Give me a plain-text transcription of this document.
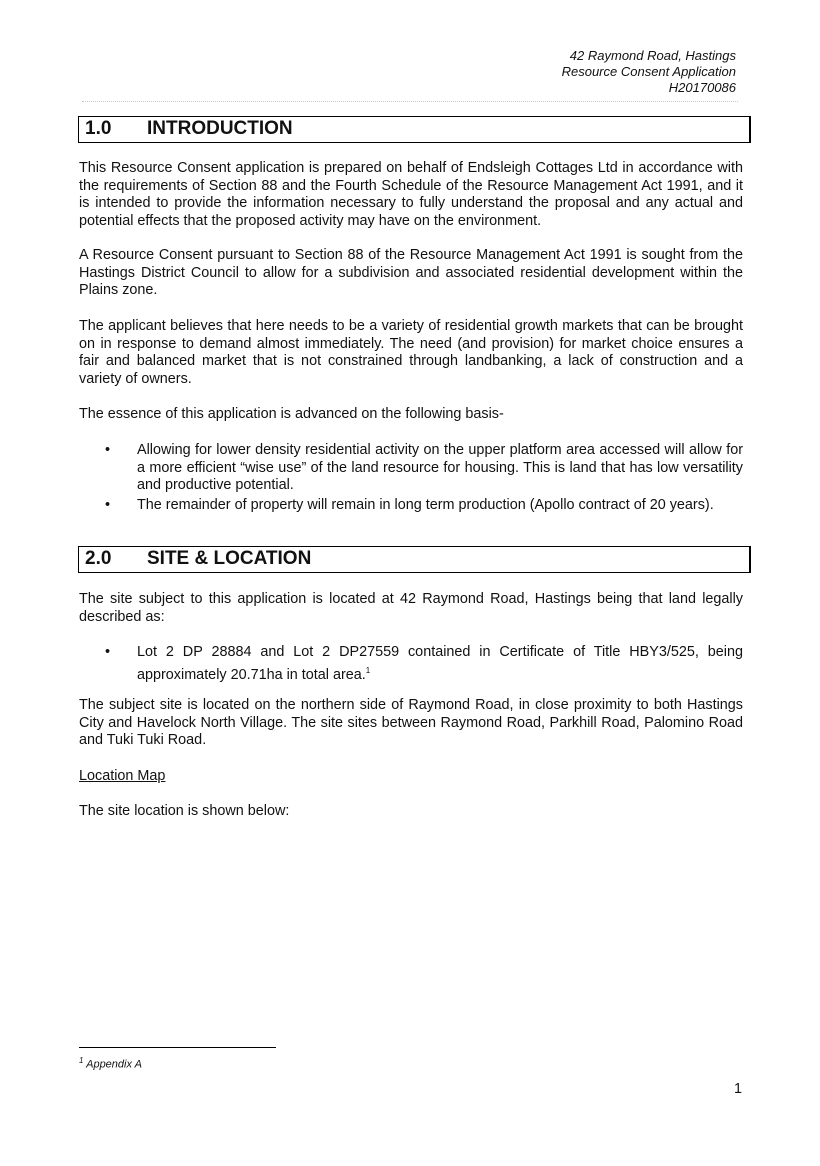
42 Raymond Road, Hastings
Resource Consent Application
H20170086
1.0 INTRODUCTION

This Resource Consent application is prepared on behalf of Endsleigh Cottages Ltd in accordance with the requirements of Section 88 and the Fourth Schedule of the Resource Management Act 1991, and it is intended to provide the information necessary to fully understand the proposal and any actual and potential effects that the proposed activity may have on the environment.

A Resource Consent pursuant to Section 88 of the Resource Management Act 1991 is sought from the Hastings District Council to allow for a subdivision and associated residential development within the Plains zone.

The applicant believes that here needs to be a variety of residential growth markets that can be brought on in response to demand almost immediately. The need (and provision) for market choice ensures a fair and balanced market that is not constrained through landbanking, a lack of construction and a variety of owners.

The essence of this application is advanced on the following basis-

• Allowing for lower density residential activity on the upper platform area accessed will allow for a more efficient “wise use” of the land resource for housing. This is land that has low versatility and productive potential.
• The remainder of property will remain in long term production (Apollo contract of 20 years).
2.0 SITE & LOCATION

The site subject to this application is located at 42 Raymond Road, Hastings being that land legally described as:

• Lot 2 DP 28884 and Lot 2 DP27559 contained in Certificate of Title HBY3/525, being approximately 20.71ha in total area.$^1$

The subject site is located on the northern side of Raymond Road, in close proximity to both Hastings City and Havelock North Village. The site sites between Raymond Road, Parkhill Road, Palomino Road and Tuki Tuki Road.

Location Map

The site location is shown below:

$^1$ Appendix A
1
